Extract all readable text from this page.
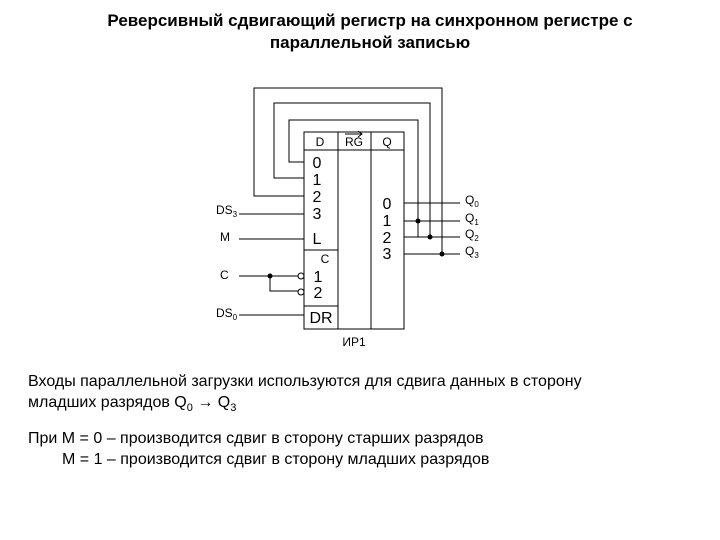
Реверсивный сдвигающий регистр на синхронном регистре с
параллельной записью
D RG Q
0
1
2
3
L
C
1
2
DR
0
1
2
3
ИР1
$DS_3$
M
C
$DS_0$
$Q_0$
$Q_1$
$Q_2$
$Q_3$
Входы параллельной загрузки используются для сдвига данных в сторону
младших разрядов $Q_0 \to Q_3$
При M = 0 – производится сдвиг в сторону старших разрядов
M = 1 – производится сдвиг в сторону младших разрядов
